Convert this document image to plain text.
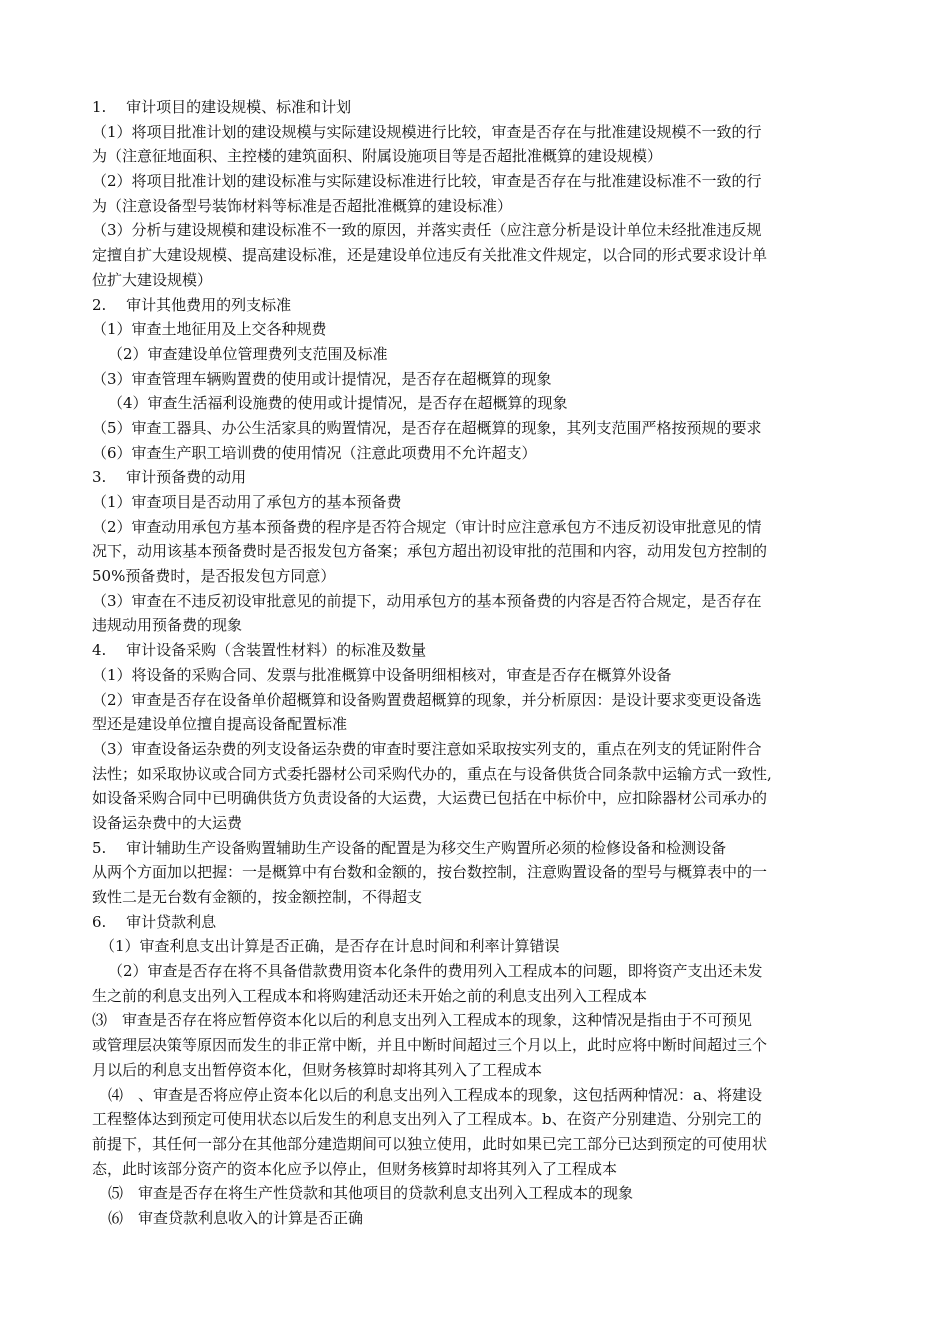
1.　 审计项目的建设规模、标准和计划
（1）将项目批准计划的建设规模与实际建设规模进行比较，审查是否存在与批准建设规模不一致的行
为（注意征地面积、主控楼的建筑面积、附属设施项目等是否超批准概算的建设规模）
（2）将项目批准计划的建设标准与实际建设标准进行比较，审查是否存在与批准建设标准不一致的行
为（注意设备型号装饰材料等标准是否超批准概算的建设标准）
（3）分析与建设规模和建设标准不一致的原因，并落实责任（应注意分析是设计单位未经批准违反规
定擅自扩大建设规模、提高建设标准，还是建设单位违反有关批准文件规定，以合同的形式要求设计单
位扩大建设规模）
2.　 审计其他费用的列支标准
（1）审查土地征用及上交各种规费
（2）审查建设单位管理费列支范围及标准
（3）审查管理车辆购置费的使用或计提情况，是否存在超概算的现象
（4）审查生活福利设施费的使用或计提情况，是否存在超概算的现象
（5）审查工器具、办公生活家具的购置情况，是否存在超概算的现象，其列支范围严格按预规的要求
（6）审查生产职工培训费的使用情况（注意此项费用不允许超支）
3.　 审计预备费的动用
（1）审查项目是否动用了承包方的基本预备费
（2）审查动用承包方基本预备费的程序是否符合规定（审计时应注意承包方不违反初设审批意见的情
况下，动用该基本预备费时是否报发包方备案；承包方超出初设审批的范围和内容，动用发包方控制的
50%预备费时，是否报发包方同意）
（3）审查在不违反初设审批意见的前提下，动用承包方的基本预备费的内容是否符合规定，是否存在
违规动用预备费的现象
4.　 审计设备采购（含装置性材料）的标准及数量
（1）将设备的采购合同、发票与批准概算中设备明细相核对，审查是否存在概算外设备
（2）审查是否存在设备单价超概算和设备购置费超概算的现象，并分析原因：是设计要求变更设备选
型还是建设单位擅自提高设备配置标准
（3）审查设备运杂费的列支设备运杂费的审查时要注意如采取按实列支的，重点在列支的凭证附件合
法性；如采取协议或合同方式委托器材公司采购代办的，重点在与设备供货合同条款中运输方式一致性,
如设备采购合同中已明确供货方负责设备的大运费，大运费已包括在中标价中，应扣除器材公司承办的
设备运杂费中的大运费
5.　 审计辅助生产设备购置辅助生产设备的配置是为移交生产购置所必须的检修设备和检测设备
从两个方面加以把握：一是概算中有台数和金额的，按台数控制，注意购置设备的型号与概算表中的一
致性二是无台数有金额的，按金额控制，不得超支
6.　 审计贷款利息
（1）审查利息支出计算是否正确，是否存在计息时间和利率计算错误
（2）审查是否存在将不具备借款费用资本化条件的费用列入工程成本的问题，即将资产支出还未发
生之前的利息支出列入工程成本和将购建活动还未开始之前的利息支出列入工程成本
⑶　审查是否存在将应暂停资本化以后的利息支出列入工程成本的现象，这种情况是指由于不可预见
或管理层决策等原因而发生的非正常中断，并且中断时间超过三个月以上，此时应将中断时间超过三个
月以后的利息支出暂停资本化，但财务核算时却将其列入了工程成本
⑷　、审查是否将应停止资本化以后的利息支出列入工程成本的现象，这包括两种情况：a、将建设
工程整体达到预定可使用状态以后发生的利息支出列入了工程成本。b、在资产分别建造、分别完工的
前提下，其任何一部分在其他部分建造期间可以独立使用，此时如果已完工部分已达到预定的可使用状
态，此时该部分资产的资本化应予以停止，但财务核算时却将其列入了工程成本
⑸　审查是否存在将生产性贷款和其他项目的贷款利息支出列入工程成本的现象
⑹　审查贷款利息收入的计算是否正确
